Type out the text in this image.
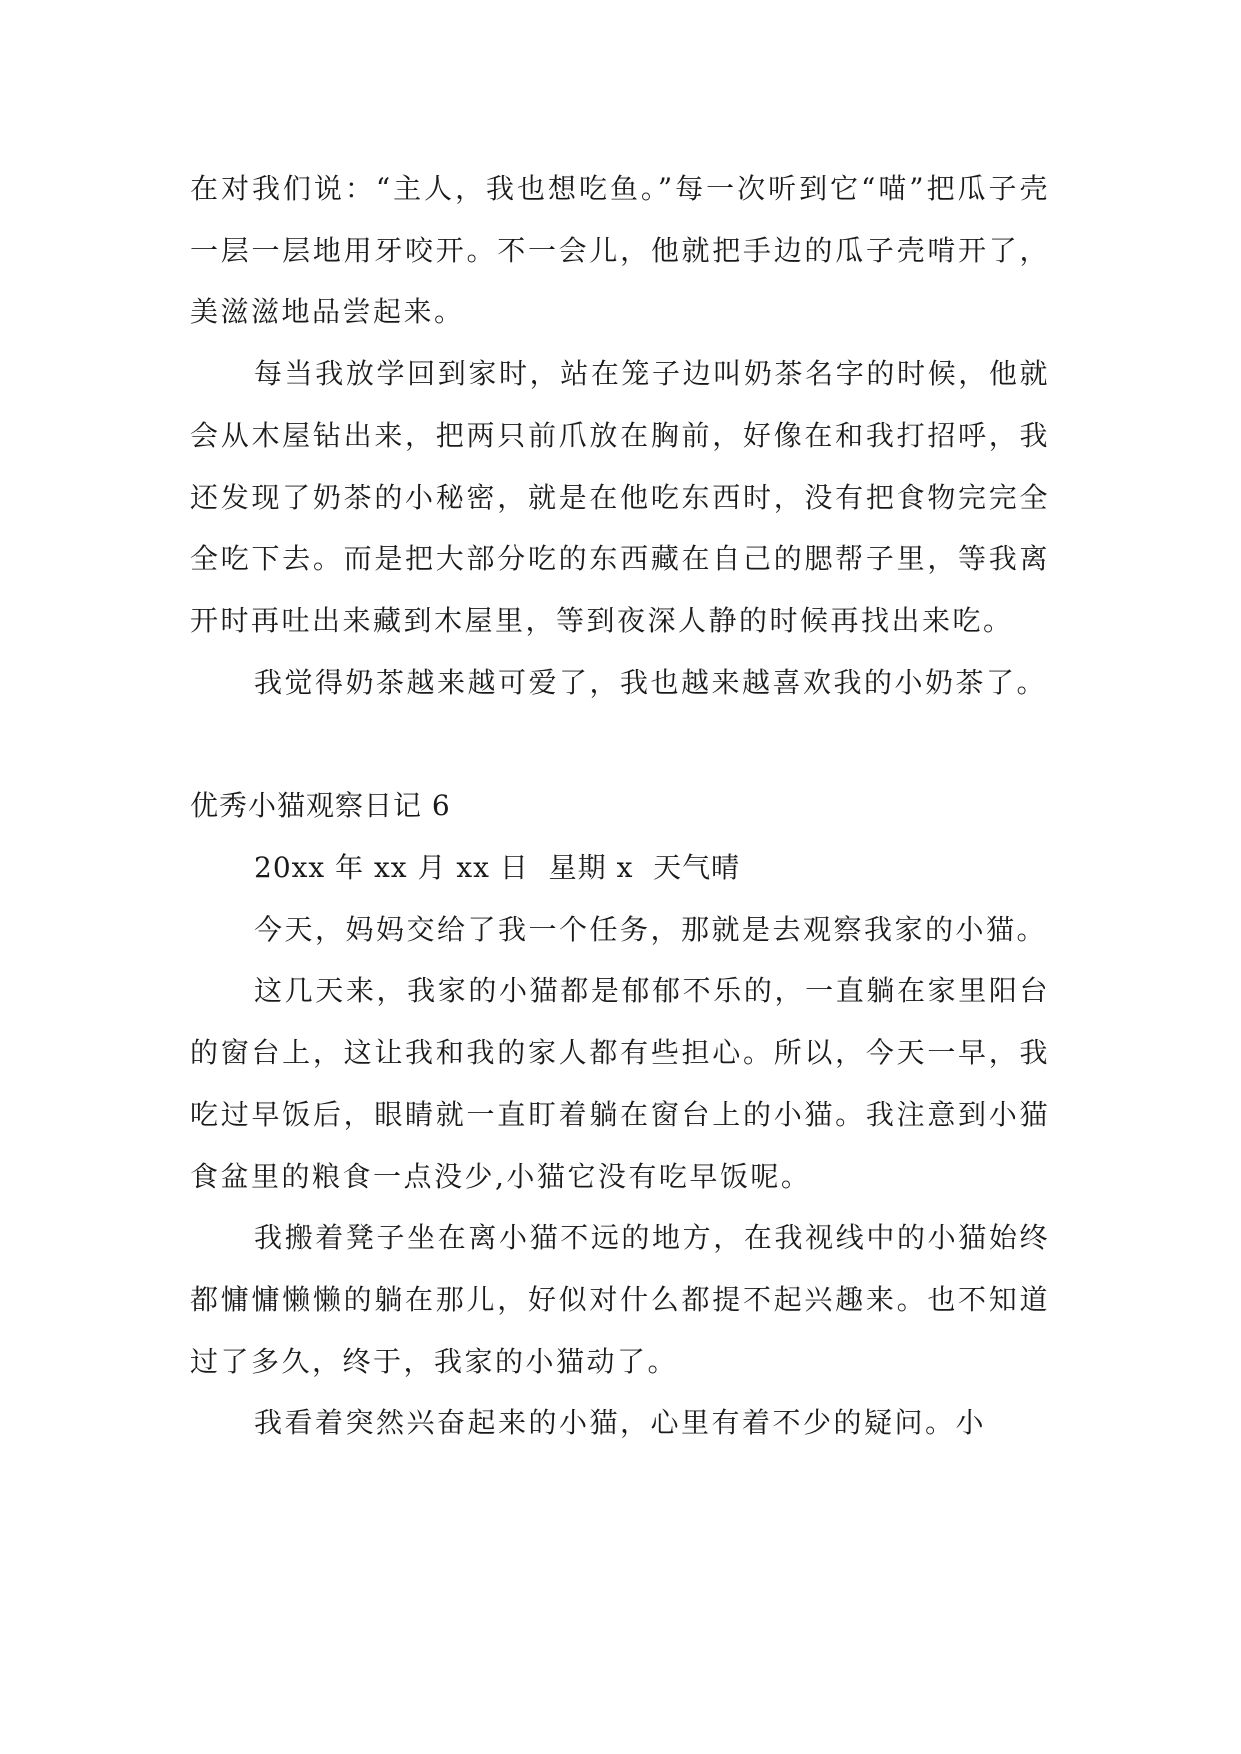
在对我们说：“主人，我也想吃鱼。”每一次听到它“喵”把瓜子壳一层一层地用牙咬开。不一会儿，他就把手边的瓜子壳啃开了，美滋滋地品尝起来。

每当我放学回到家时，站在笼子边叫奶茶名字的时候，他就会从木屋钻出来，把两只前爪放在胸前，好像在和我打招呼，我还发现了奶茶的小秘密，就是在他吃东西时，没有把食物完完全全吃下去。而是把大部分吃的东西藏在自己的腮帮子里，等我离开时再吐出来藏到木屋里，等到夜深人静的时候再找出来吃。

我觉得奶茶越来越可爱了，我也越来越喜欢我的小奶茶了。

优秀小猫观察日记 6

20xx 年 xx 月 xx 日  星期 x  天气晴

今天，妈妈交给了我一个任务，那就是去观察我家的小猫。

这几天来，我家的小猫都是郁郁不乐的，一直躺在家里阳台的窗台上，这让我和我的家人都有些担心。所以，今天一早，我吃过早饭后，眼睛就一直盯着躺在窗台上的小猫。我注意到小猫食盆里的粮食一点没少,小猫它没有吃早饭呢。

我搬着凳子坐在离小猫不远的地方，在我视线中的小猫始终都慵慵懒懒的躺在那儿，好似对什么都提不起兴趣来。也不知道过了多久，终于，我家的小猫动了。

我看着突然兴奋起来的小猫，心里有着不少的疑问。小
